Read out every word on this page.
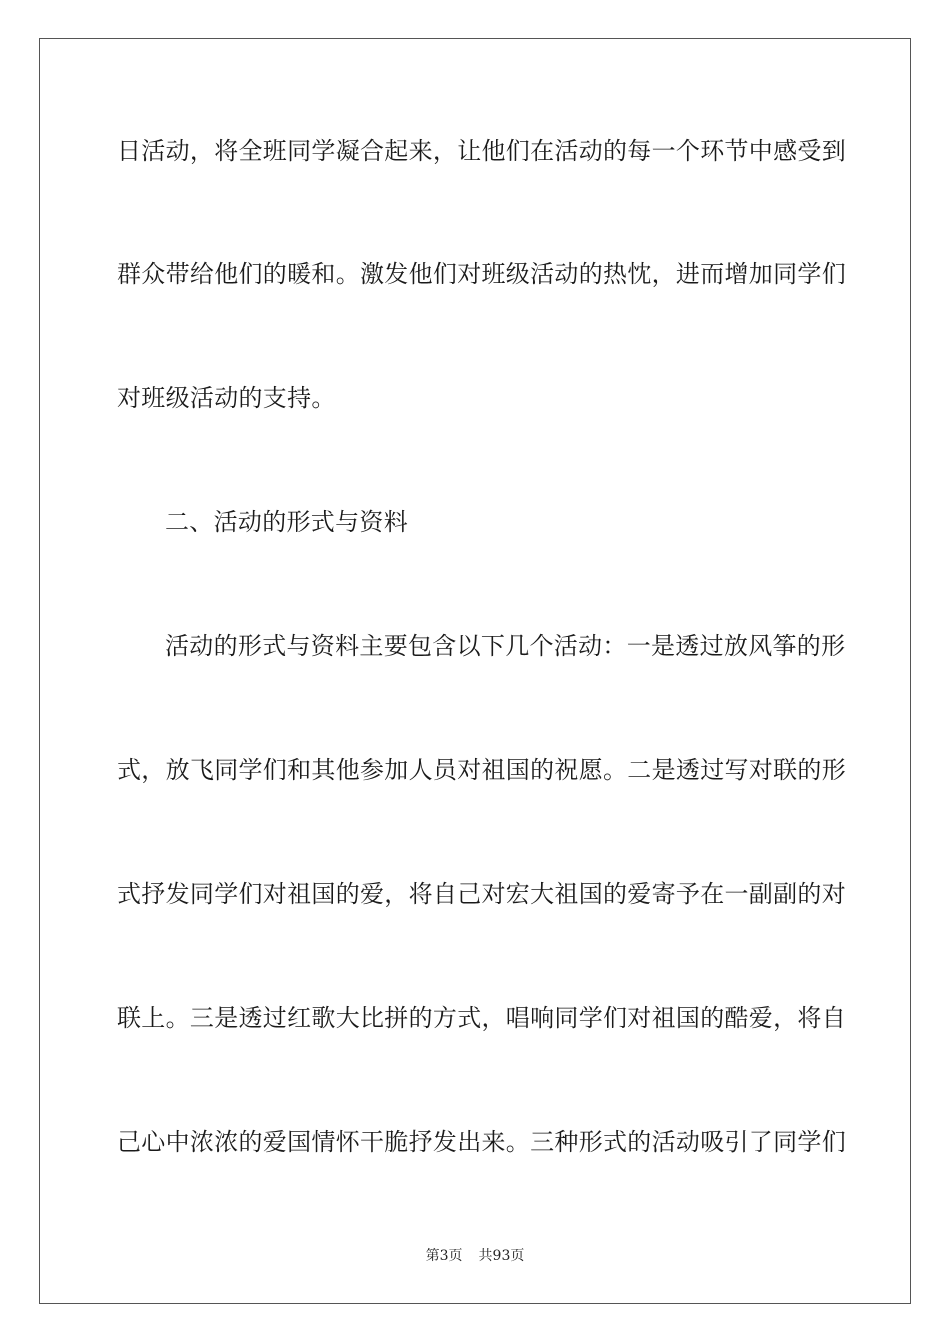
日活动，将全班同学凝合起来，让他们在活动的每一个环节中感受到
群众带给他们的暖和。激发他们对班级活动的热忱，进而增加同学们
对班级活动的支持。
二、活动的形式与资料
活动的形式与资料主要包含以下几个活动：一是透过放风筝的形
式，放飞同学们和其他参加人员对祖国的祝愿。二是透过写对联的形
式抒发同学们对祖国的爱，将自己对宏大祖国的爱寄予在一副副的对
联上。三是透过红歌大比拼的方式，唱响同学们对祖国的酷爱，将自
己心中浓浓的爱国情怀干脆抒发出来。三种形式的活动吸引了同学们
第3页 共93页
